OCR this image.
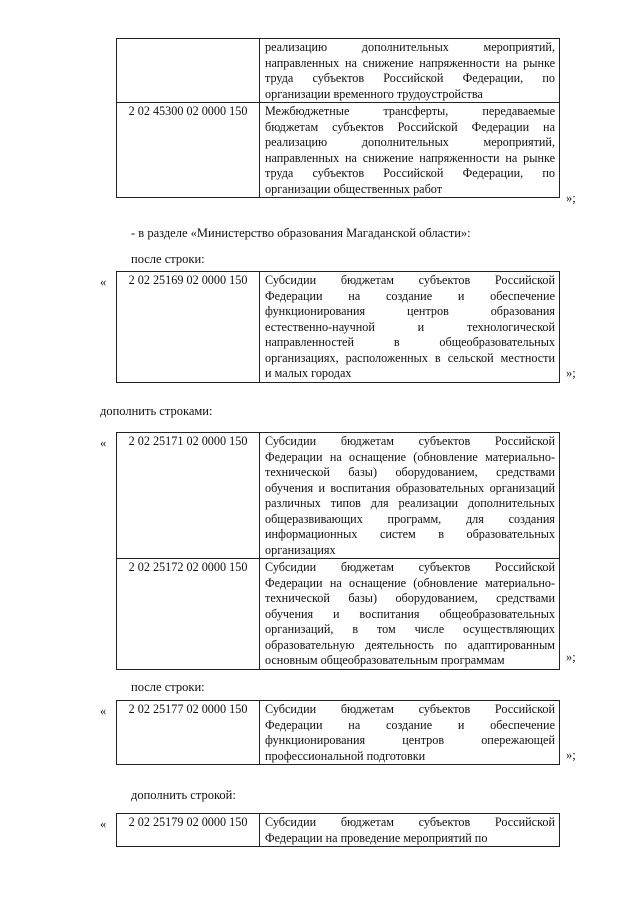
реализацию дополнительных мероприятий,
направленных на снижение напряженности на рынке
труда субъектов Российской Федерации, по
организации временного трудоустройства
2 02 45300 02 0000 150	Межбюджетные трансферты, передаваемые
бюджетам субъектов Российской Федерации на
реализацию дополнительных мероприятий,
направленных на снижение напряженности на рынке
труда субъектов Российской Федерации, по
организации общественных работ
»;
- в разделе «Министерство образования Магаданской области»:
после строки:
«	2 02 25169 02 0000 150	Субсидии бюджетам субъектов Российской
Федерации на создание и обеспечение
функционирования центров образования
естественно-научной и технологической
направленностей в общеобразовательных
организациях, расположенных в сельской местности
и малых городах	»;
дополнить строками:
«	2 02 25171 02 0000 150	Субсидии бюджетам субъектов Российской
Федерации на оснащение (обновление материально-
технической базы) оборудованием, средствами
обучения и воспитания образовательных организаций
различных типов для реализации дополнительных
общеразвивающих программ, для создания
информационных систем в образовательных
организациях
2 02 25172 02 0000 150	Субсидии бюджетам субъектов Российской
Федерации на оснащение (обновление материально-
технической базы) оборудованием, средствами
обучения и воспитания общеобразовательных
организаций, в том числе осуществляющих
образовательную деятельность по адаптированным
основным общеобразовательным программам	»;
после строки:
«	2 02 25177 02 0000 150	Субсидии бюджетам субъектов Российской
Федерации на создание и обеспечение
функционирования центров опережающей
профессиональной подготовки	»;
дополнить строкой:
«	2 02 25179 02 0000 150	Субсидии бюджетам субъектов Российской
Федерации на проведение мероприятий по
